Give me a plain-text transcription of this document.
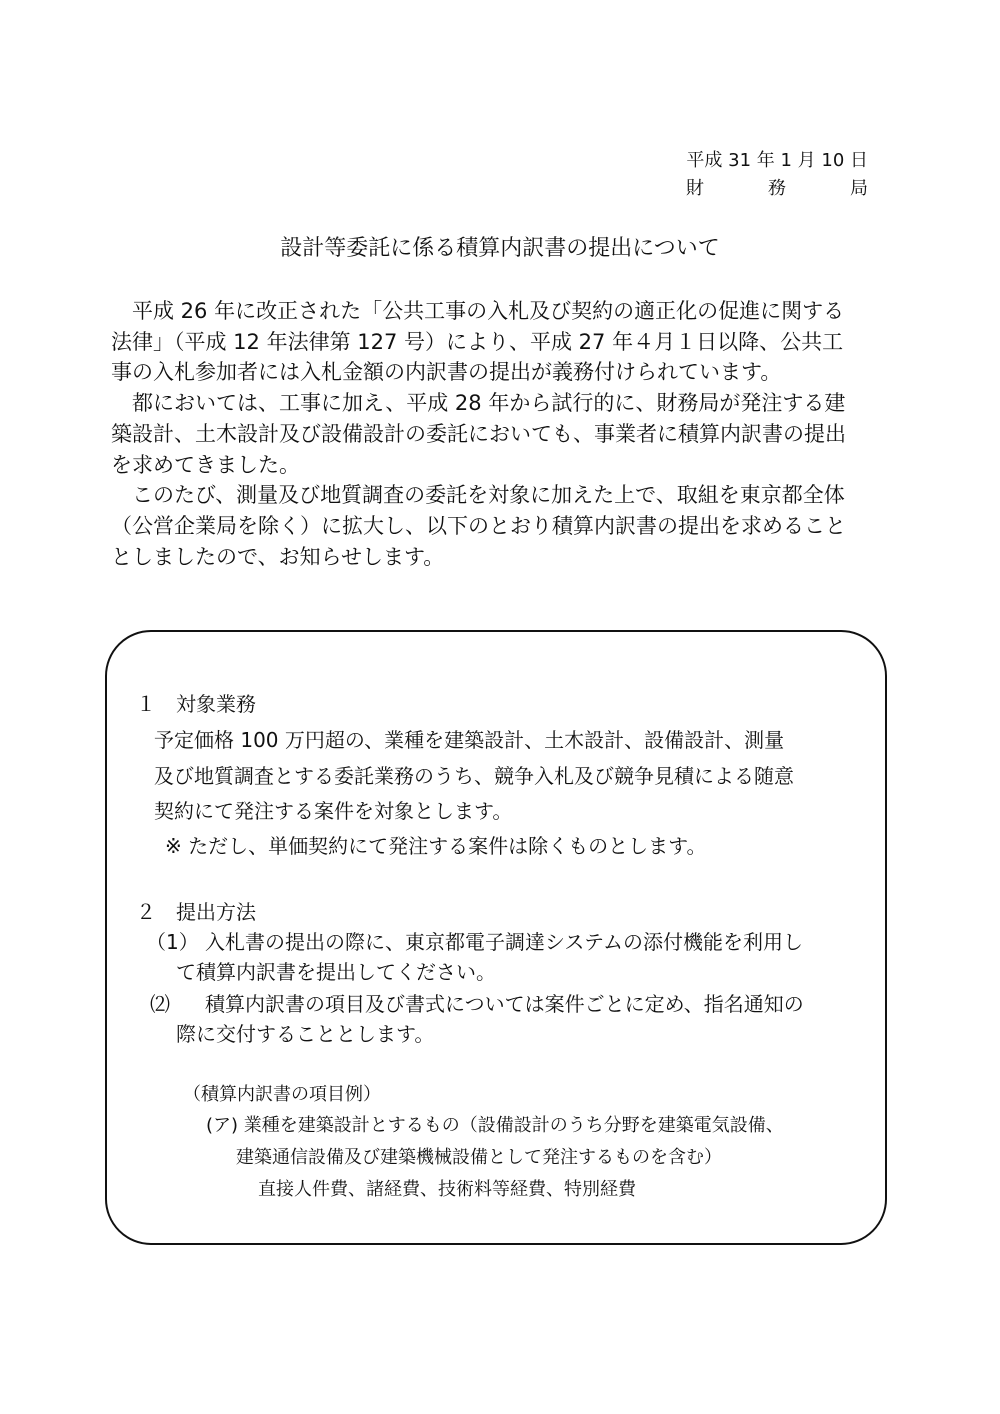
平成 31 年 1 月 10 日
財	務	局
設計等委託に係る積算内訳書の提出について
　平成 26 年に改正された「公共工事の入札及び契約の適正化の促進に関する
法律」（平成 12 年法律第 127 号）により、平成 27 年４月１日以降、公共工
事の入札参加者には入札金額の内訳書の提出が義務付けられています。
　都においては、工事に加え、平成 28 年から試行的に、財務局が発注する建
築設計、土木設計及び設備設計の委託においても、事業者に積算内訳書の提出
を求めてきました。
　このたび、測量及び地質調査の委託を対象に加えた上で、取組を東京都全体
（公営企業局を除く）に拡大し、以下のとおり積算内訳書の提出を求めること
としましたので、お知らせします。
１　対象業務
予定価格 100 万円超の、業種を建築設計、土木設計、設備設計、測量
及び地質調査とする委託業務のうち、競争入札及び競争見積による随意
契約にて発注する案件を対象とします。
※ ただし、単価契約にて発注する案件は除くものとします。
２　提出方法
（1） 入札書の提出の際に、東京都電子調達システムの添付機能を利用し
て積算内訳書を提出してください。
⑵ 積算内訳書の項目及び書式については案件ごとに定め、指名通知の
際に交付することとします。
（積算内訳書の項目例）
(ア) 業種を建築設計とするもの（設備設計のうち分野を建築電気設備、
建築通信設備及び建築機械設備として発注するものを含む）
直接人件費、諸経費、技術料等経費、特別経費
